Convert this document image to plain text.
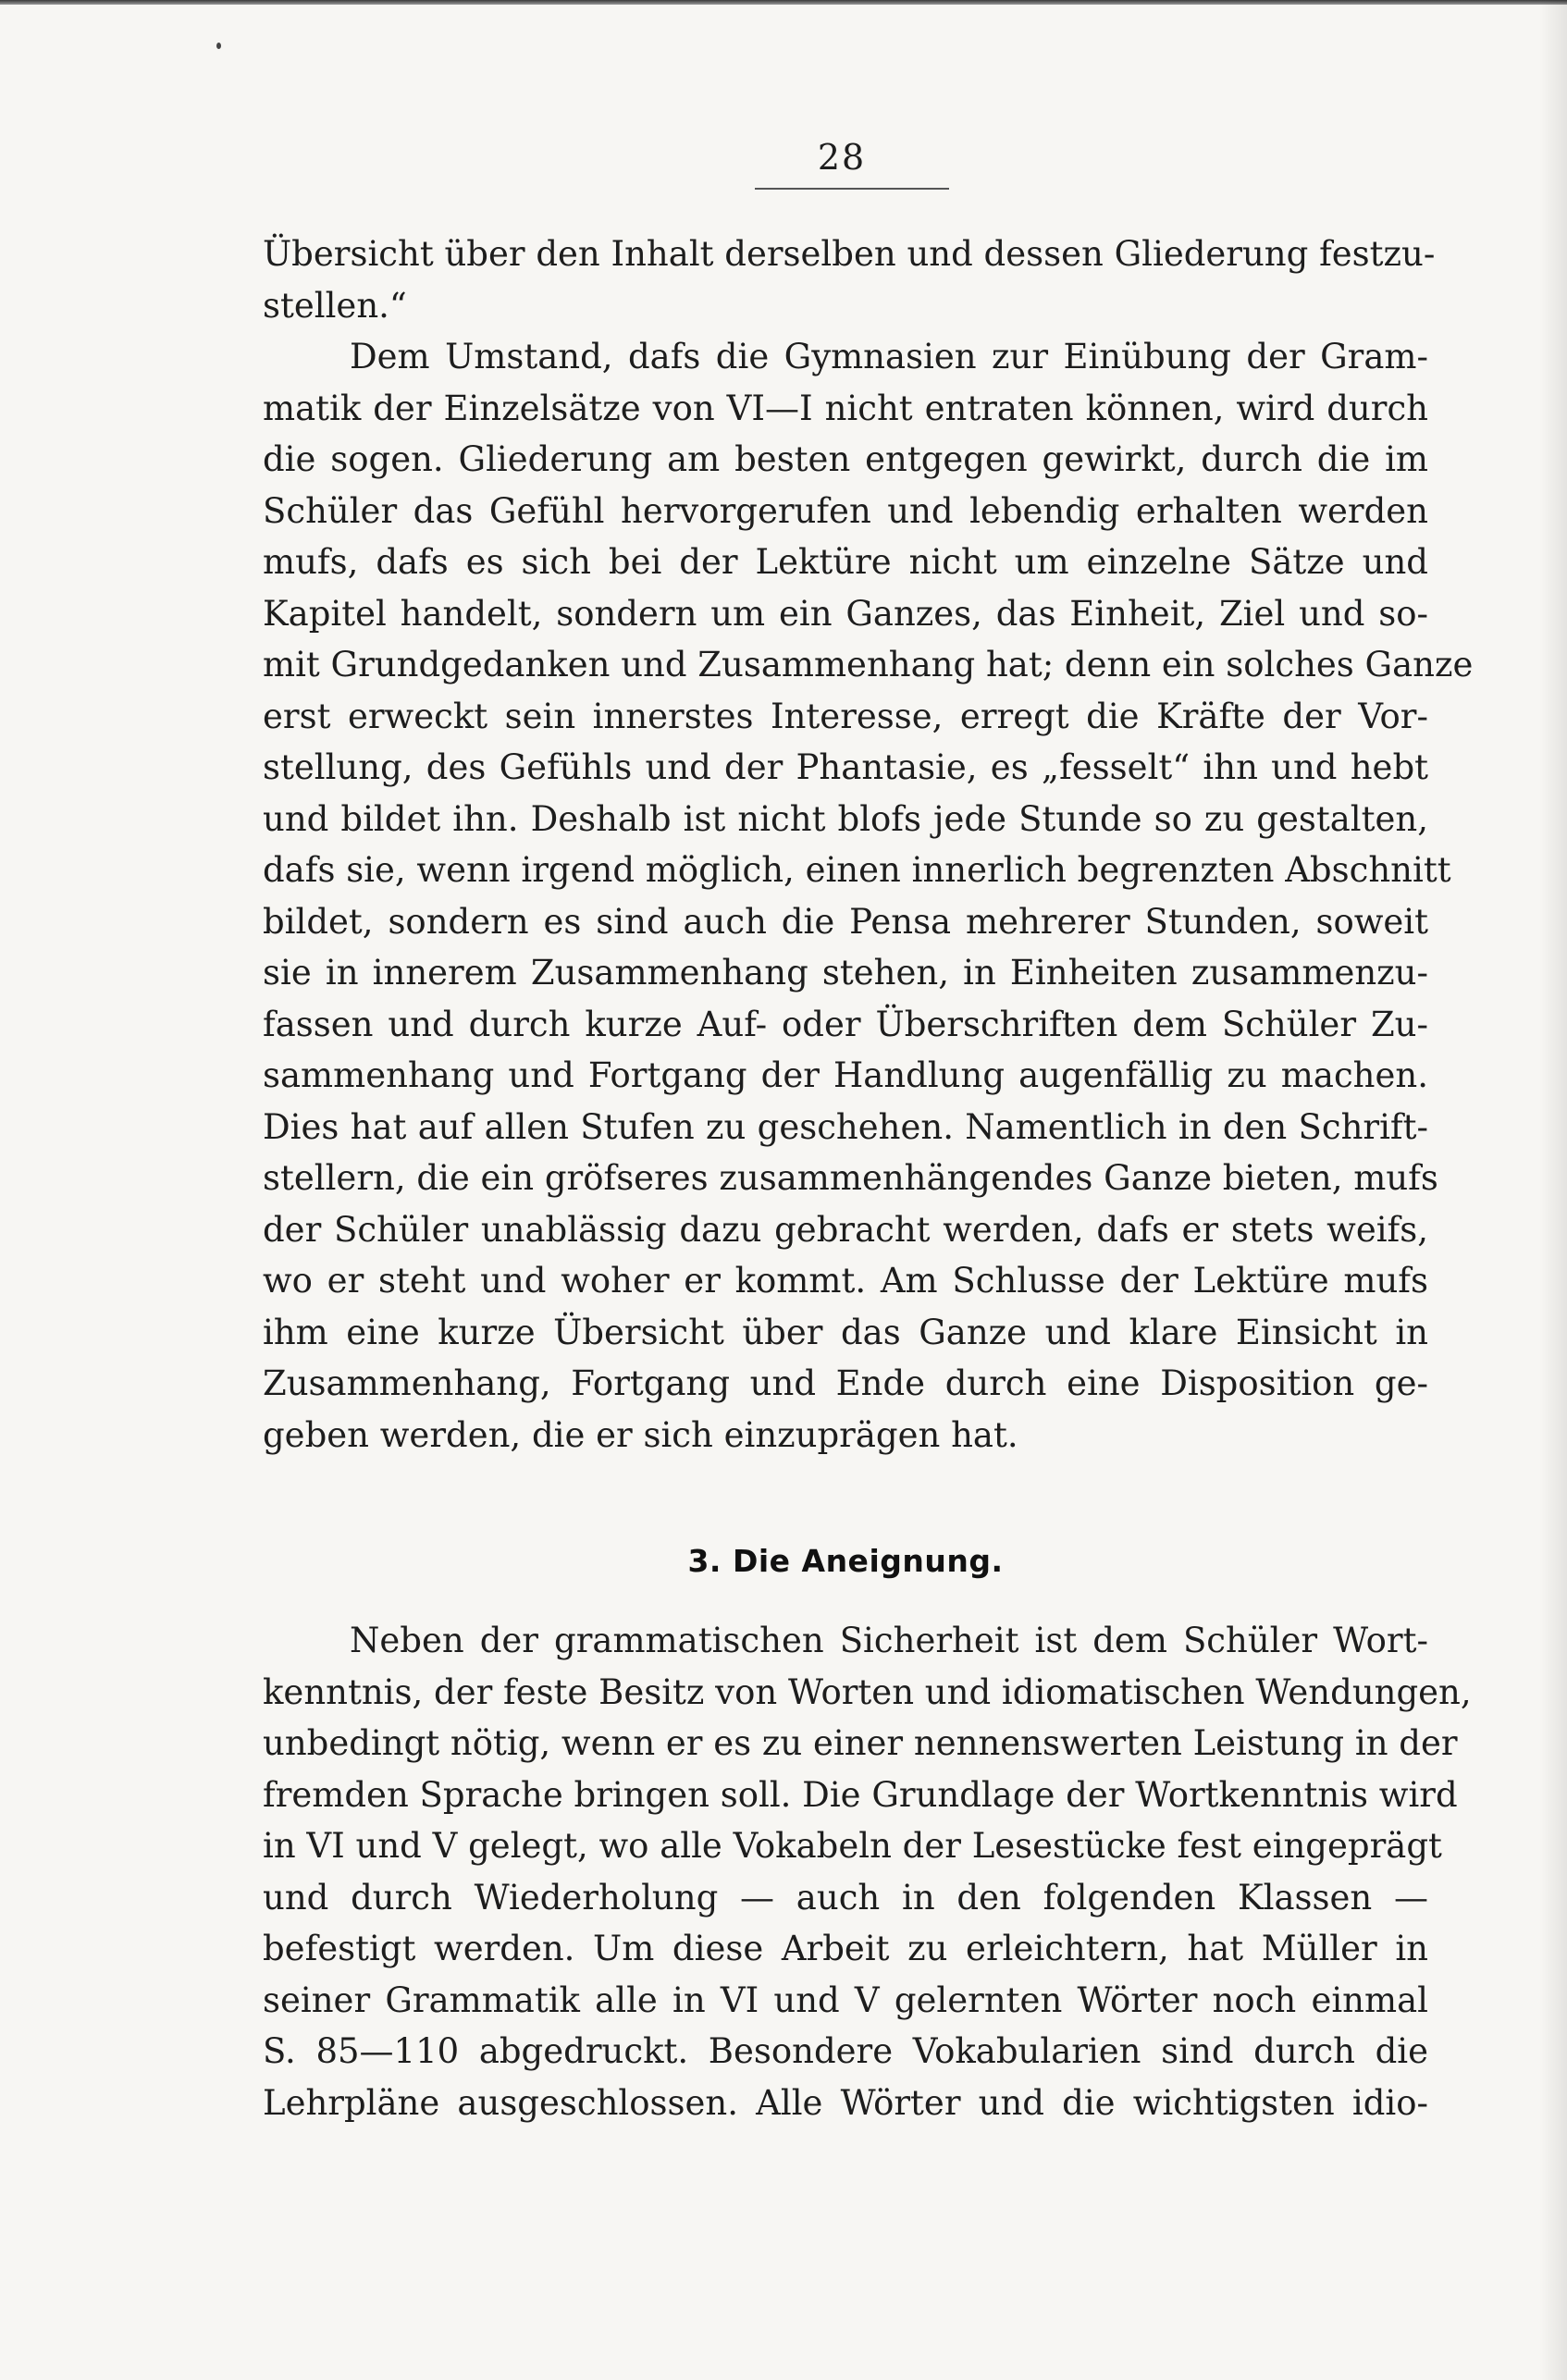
28
Übersicht über den Inhalt derselben und dessen Gliederung festzu-
stellen.“
Dem Umstand, dafs die Gymnasien zur Einübung der Gram-
matik der Einzelsätze von VI—I nicht entraten können, wird durch
die sogen. Gliederung am besten entgegen gewirkt, durch die im
Schüler das Gefühl hervorgerufen und lebendig erhalten werden
mufs, dafs es sich bei der Lektüre nicht um einzelne Sätze und
Kapitel handelt, sondern um ein Ganzes, das Einheit, Ziel und so-
mit Grundgedanken und Zusammenhang hat; denn ein solches Ganze
erst erweckt sein innerstes Interesse, erregt die Kräfte der Vor-
stellung, des Gefühls und der Phantasie, es „fesselt“ ihn und hebt
und bildet ihn. Deshalb ist nicht blofs jede Stunde so zu gestalten,
dafs sie, wenn irgend möglich, einen innerlich begrenzten Abschnitt
bildet, sondern es sind auch die Pensa mehrerer Stunden, soweit
sie in innerem Zusammenhang stehen, in Einheiten zusammenzu-
fassen und durch kurze Auf- oder Überschriften dem Schüler Zu-
sammenhang und Fortgang der Handlung augenfällig zu machen.
Dies hat auf allen Stufen zu geschehen. Namentlich in den Schrift-
stellern, die ein gröfseres zusammenhängendes Ganze bieten, mufs
der Schüler unablässig dazu gebracht werden, dafs er stets weifs,
wo er steht und woher er kommt. Am Schlusse der Lektüre mufs
ihm eine kurze Übersicht über das Ganze und klare Einsicht in
Zusammenhang, Fortgang und Ende durch eine Disposition ge-
geben werden, die er sich einzuprägen hat.
3. Die Aneignung.
Neben der grammatischen Sicherheit ist dem Schüler Wort-
kenntnis, der feste Besitz von Worten und idiomatischen Wendungen,
unbedingt nötig, wenn er es zu einer nennenswerten Leistung in der
fremden Sprache bringen soll. Die Grundlage der Wortkenntnis wird
in VI und V gelegt, wo alle Vokabeln der Lesestücke fest eingeprägt
und durch Wiederholung — auch in den folgenden Klassen —
befestigt werden. Um diese Arbeit zu erleichtern, hat Müller in
seiner Grammatik alle in VI und V gelernten Wörter noch einmal
S. 85—110 abgedruckt. Besondere Vokabularien sind durch die
Lehrpläne ausgeschlossen. Alle Wörter und die wichtigsten idio-
